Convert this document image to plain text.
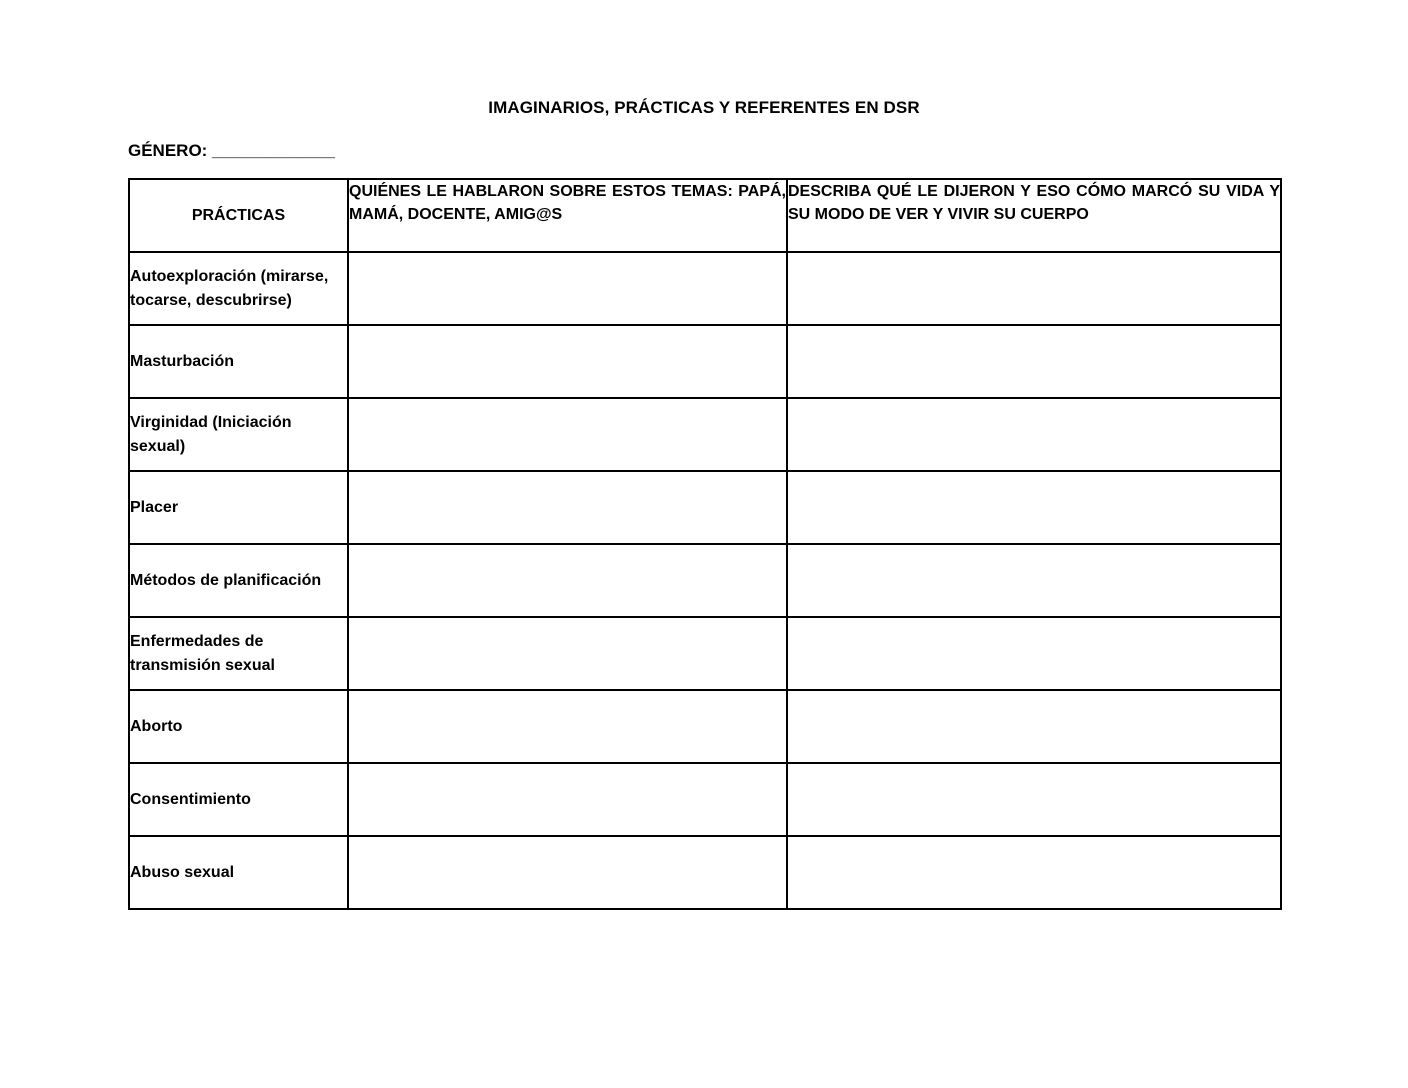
IMAGINARIOS, PRÁCTICAS Y REFERENTES EN DSR
GÉNERO: _____________
PRÁCTICAS	QUIÉNES LE HABLARON SOBRE ESTOS TEMAS: PAPÁ, MAMÁ, DOCENTE, AMIG@S	DESCRIBA QUÉ LE DIJERON Y ESO CÓMO MARCÓ SU VIDA Y SU MODO DE VER Y VIVIR SU CUERPO
Autoexploración (mirarse, tocarse, descubrirse)		
Masturbación		
Virginidad (Iniciación sexual)		
Placer		
Métodos de planificación		
Enfermedades de transmisión sexual		
Aborto		
Consentimiento		
Abuso sexual		
